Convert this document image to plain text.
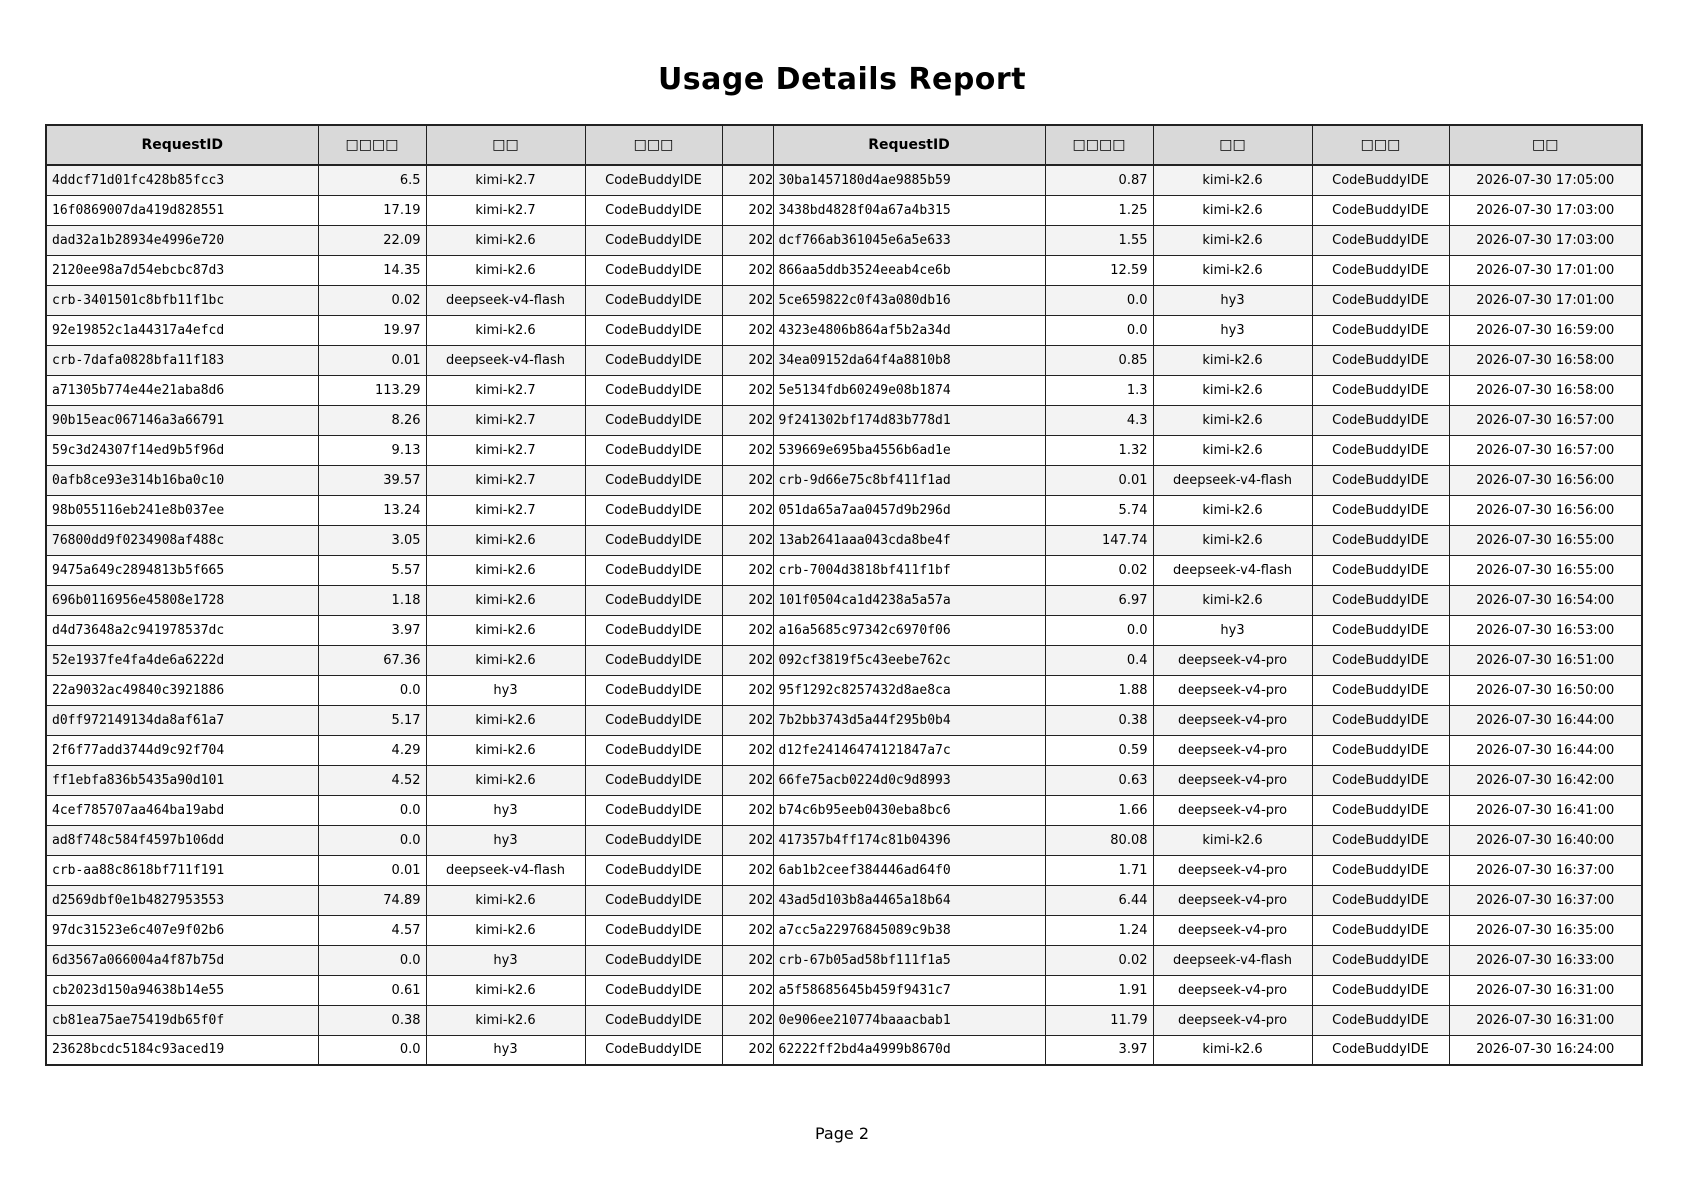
Usage Details Report
RequestID	□□□□	□□	□□□		RequestID	□□□□	□□	□□□	□□
4ddcf71d01fc428b85fcc3	6.5	kimi-k2.7	CodeBuddyIDE	202	30ba1457180d4ae9885b59	0.87	kimi-k2.6	CodeBuddyIDE	2026-07-30 17:05:00
16f0869007da419d828551	17.19	kimi-k2.7	CodeBuddyIDE	202	3438bd4828f04a67a4b315	1.25	kimi-k2.6	CodeBuddyIDE	2026-07-30 17:03:00
dad32a1b28934e4996e720	22.09	kimi-k2.6	CodeBuddyIDE	202	dcf766ab361045e6a5e633	1.55	kimi-k2.6	CodeBuddyIDE	2026-07-30 17:03:00
2120ee98a7d54ebcbc87d3	14.35	kimi-k2.6	CodeBuddyIDE	202	866aa5ddb3524eeab4ce6b	12.59	kimi-k2.6	CodeBuddyIDE	2026-07-30 17:01:00
crb-3401501c8bfb11f1bc	0.02	deepseek-v4-flash	CodeBuddyIDE	202	5ce659822c0f43a080db16	0.0	hy3	CodeBuddyIDE	2026-07-30 17:01:00
92e19852c1a44317a4efcd	19.97	kimi-k2.6	CodeBuddyIDE	202	4323e4806b864af5b2a34d	0.0	hy3	CodeBuddyIDE	2026-07-30 16:59:00
crb-7dafa0828bfa11f183	0.01	deepseek-v4-flash	CodeBuddyIDE	202	34ea09152da64f4a8810b8	0.85	kimi-k2.6	CodeBuddyIDE	2026-07-30 16:58:00
a71305b774e44e21aba8d6	113.29	kimi-k2.7	CodeBuddyIDE	202	5e5134fdb60249e08b1874	1.3	kimi-k2.6	CodeBuddyIDE	2026-07-30 16:58:00
90b15eac067146a3a66791	8.26	kimi-k2.7	CodeBuddyIDE	202	9f241302bf174d83b778d1	4.3	kimi-k2.6	CodeBuddyIDE	2026-07-30 16:57:00
59c3d24307f14ed9b5f96d	9.13	kimi-k2.7	CodeBuddyIDE	202	539669e695ba4556b6ad1e	1.32	kimi-k2.6	CodeBuddyIDE	2026-07-30 16:57:00
0afb8ce93e314b16ba0c10	39.57	kimi-k2.7	CodeBuddyIDE	202	crb-9d66e75c8bf411f1ad	0.01	deepseek-v4-flash	CodeBuddyIDE	2026-07-30 16:56:00
98b055116eb241e8b037ee	13.24	kimi-k2.7	CodeBuddyIDE	202	051da65a7aa0457d9b296d	5.74	kimi-k2.6	CodeBuddyIDE	2026-07-30 16:56:00
76800dd9f0234908af488c	3.05	kimi-k2.6	CodeBuddyIDE	202	13ab2641aaa043cda8be4f	147.74	kimi-k2.6	CodeBuddyIDE	2026-07-30 16:55:00
9475a649c2894813b5f665	5.57	kimi-k2.6	CodeBuddyIDE	202	crb-7004d3818bf411f1bf	0.02	deepseek-v4-flash	CodeBuddyIDE	2026-07-30 16:55:00
696b0116956e45808e1728	1.18	kimi-k2.6	CodeBuddyIDE	202	101f0504ca1d4238a5a57a	6.97	kimi-k2.6	CodeBuddyIDE	2026-07-30 16:54:00
d4d73648a2c941978537dc	3.97	kimi-k2.6	CodeBuddyIDE	202	a16a5685c97342c6970f06	0.0	hy3	CodeBuddyIDE	2026-07-30 16:53:00
52e1937fe4fa4de6a6222d	67.36	kimi-k2.6	CodeBuddyIDE	202	092cf3819f5c43eebe762c	0.4	deepseek-v4-pro	CodeBuddyIDE	2026-07-30 16:51:00
22a9032ac49840c3921886	0.0	hy3	CodeBuddyIDE	202	95f1292c8257432d8ae8ca	1.88	deepseek-v4-pro	CodeBuddyIDE	2026-07-30 16:50:00
d0ff972149134da8af61a7	5.17	kimi-k2.6	CodeBuddyIDE	202	7b2bb3743d5a44f295b0b4	0.38	deepseek-v4-pro	CodeBuddyIDE	2026-07-30 16:44:00
2f6f77add3744d9c92f704	4.29	kimi-k2.6	CodeBuddyIDE	202	d12fe24146474121847a7c	0.59	deepseek-v4-pro	CodeBuddyIDE	2026-07-30 16:44:00
ff1ebfa836b5435a90d101	4.52	kimi-k2.6	CodeBuddyIDE	202	66fe75acb0224d0c9d8993	0.63	deepseek-v4-pro	CodeBuddyIDE	2026-07-30 16:42:00
4cef785707aa464ba19abd	0.0	hy3	CodeBuddyIDE	202	b74c6b95eeb0430eba8bc6	1.66	deepseek-v4-pro	CodeBuddyIDE	2026-07-30 16:41:00
ad8f748c584f4597b106dd	0.0	hy3	CodeBuddyIDE	202	417357b4ff174c81b04396	80.08	kimi-k2.6	CodeBuddyIDE	2026-07-30 16:40:00
crb-aa88c8618bf711f191	0.01	deepseek-v4-flash	CodeBuddyIDE	202	6ab1b2ceef384446ad64f0	1.71	deepseek-v4-pro	CodeBuddyIDE	2026-07-30 16:37:00
d2569dbf0e1b4827953553	74.89	kimi-k2.6	CodeBuddyIDE	202	43ad5d103b8a4465a18b64	6.44	deepseek-v4-pro	CodeBuddyIDE	2026-07-30 16:37:00
97dc31523e6c407e9f02b6	4.57	kimi-k2.6	CodeBuddyIDE	202	a7cc5a22976845089c9b38	1.24	deepseek-v4-pro	CodeBuddyIDE	2026-07-30 16:35:00
6d3567a066004a4f87b75d	0.0	hy3	CodeBuddyIDE	202	crb-67b05ad58bf111f1a5	0.02	deepseek-v4-flash	CodeBuddyIDE	2026-07-30 16:33:00
cb2023d150a94638b14e55	0.61	kimi-k2.6	CodeBuddyIDE	202	a5f58685645b459f9431c7	1.91	deepseek-v4-pro	CodeBuddyIDE	2026-07-30 16:31:00
cb81ea75ae75419db65f0f	0.38	kimi-k2.6	CodeBuddyIDE	202	0e906ee210774baaacbab1	11.79	deepseek-v4-pro	CodeBuddyIDE	2026-07-30 16:31:00
23628bcdc5184c93aced19	0.0	hy3	CodeBuddyIDE	202	62222ff2bd4a4999b8670d	3.97	kimi-k2.6	CodeBuddyIDE	2026-07-30 16:24:00
Page 2
